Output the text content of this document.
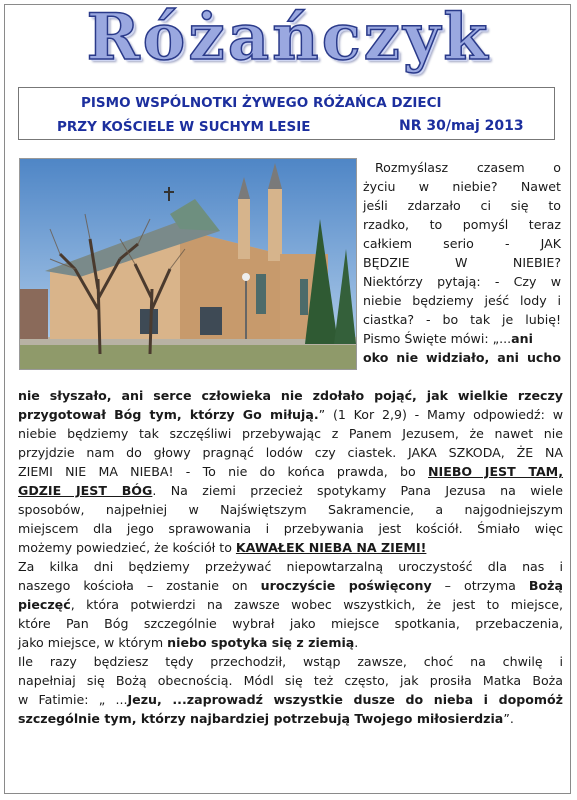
Różańczyk
PISMO WSPÓLNOTKI ŻYWEGO RÓŻAŃCA DZIECI
PRZY KOŚCIELE W SUCHYM LESIE	NR 30/maj 2013
Rozmyślasz czasem o
życiu w niebie? Nawet
jeśli zdarzało ci się to
rzadko, to pomyśl teraz
całkiem serio - JAK
BĘDZIE W NIEBIE?
Niektórzy pytają: - Czy w
niebie będziemy jeść lody i
ciastka? - bo tak je lubię!
Pismo Święte mówi: „...ani
oko nie widziało, ani ucho
nie słyszało, ani serce człowieka nie zdołało pojąć, jak wielkie rzeczy
przygotował Bóg tym, którzy Go miłują.” (1 Kor 2,9) - Mamy odpowiedź: w
niebie będziemy tak szczęśliwi przebywając z Panem Jezusem, że nawet nie
przyjdzie nam do głowy pragnąć lodów czy ciastek. JAKA SZKODA, ŻE NA
ZIEMI NIE MA NIEBA! - To nie do końca prawda, bo NIEBO JEST TAM,
GDZIE JEST BÓG. Na ziemi przecież spotykamy Pana Jezusa na wiele
sposobów, najpełniej w Najświętszym Sakramencie, a najgodniejszym
miejscem dla jego sprawowania i przebywania jest kościół. Śmiało więc
możemy powiedzieć, że kościół to KAWAŁEK NIEBA NA ZIEMI!
Za kilka dni będziemy przeżywać niepowtarzalną uroczystość dla nas i
naszego kościoła – zostanie on uroczyście poświęcony – otrzyma Bożą
pieczęć, która potwierdzi na zawsze wobec wszystkich, że jest to miejsce,
które Pan Bóg szczególnie wybrał jako miejsce spotkania, przebaczenia,
jako miejsce, w którym niebo spotyka się z ziemią.
Ile razy będziesz tędy przechodził, wstąp zawsze, choć na chwilę i
napełniaj się Bożą obecnością. Módl się też często, jak prosiła Matka Boża
w Fatimie: „ ...Jezu, ...zaprowadź wszystkie dusze do nieba i dopomóż
szczególnie tym, którzy najbardziej potrzebują Twojego miłosierdzia”.
